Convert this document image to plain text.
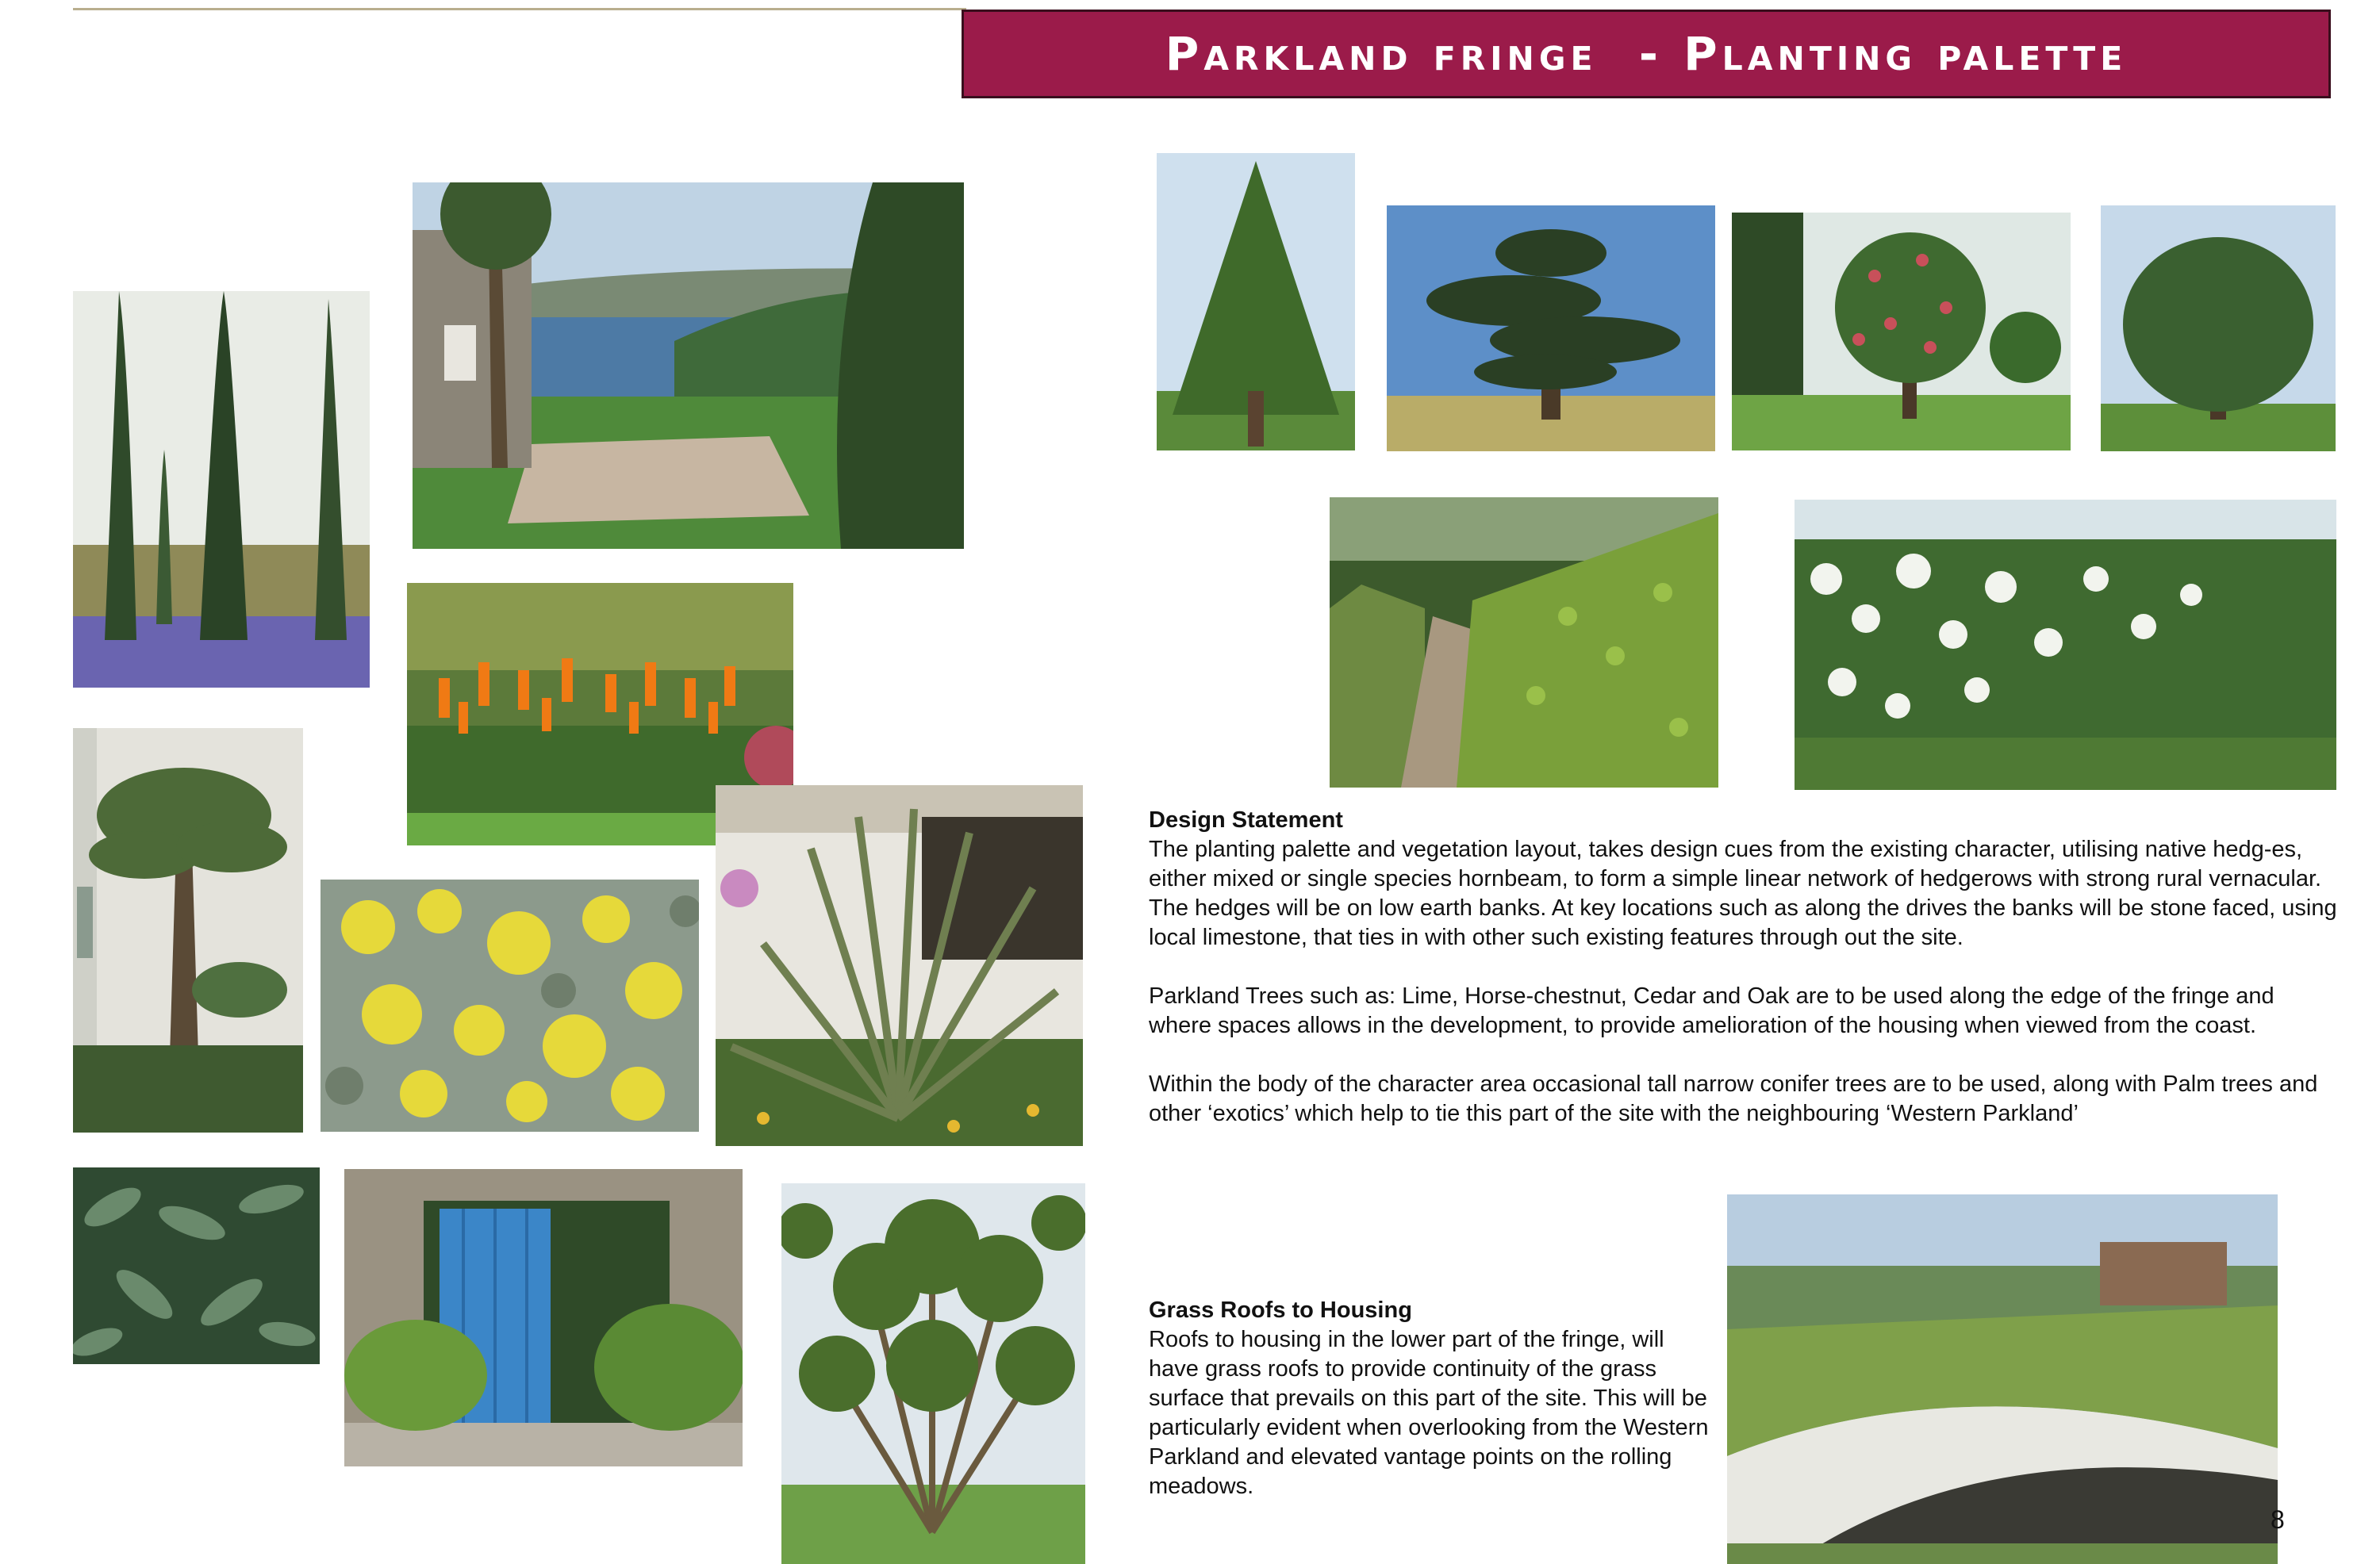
Parkland fringe  - Planting palette
Design Statement

The planting palette and vegetation layout, takes design cues from the existing character, utilising native hedg-es, either mixed or single species hornbeam, to form a simple linear network of hedgerows with strong rural vernacular. The hedges will be on low earth banks. At key locations such as along the drives the banks will be stone faced, using local limestone, that ties in with other such existing features through out the site.

Parkland Trees such as: Lime, Horse-chestnut, Cedar and Oak are to be used along the edge of the fringe and where spaces allows in the development, to provide amelioration of the housing when viewed from the coast.

Within the body of the character area occasional tall narrow conifer trees are to be used, along with Palm trees and other ‘exotics’ which help to tie this part of the site with the neighbouring ‘Western Parkland’

Grass Roofs to Housing

Roofs to housing in the lower part of the fringe, will have grass roofs to provide continuity of the grass surface that prevails on this part of the site. This will be particularly evident when overlooking from the Western Parkland and elevated vantage points on the rolling meadows.

8
